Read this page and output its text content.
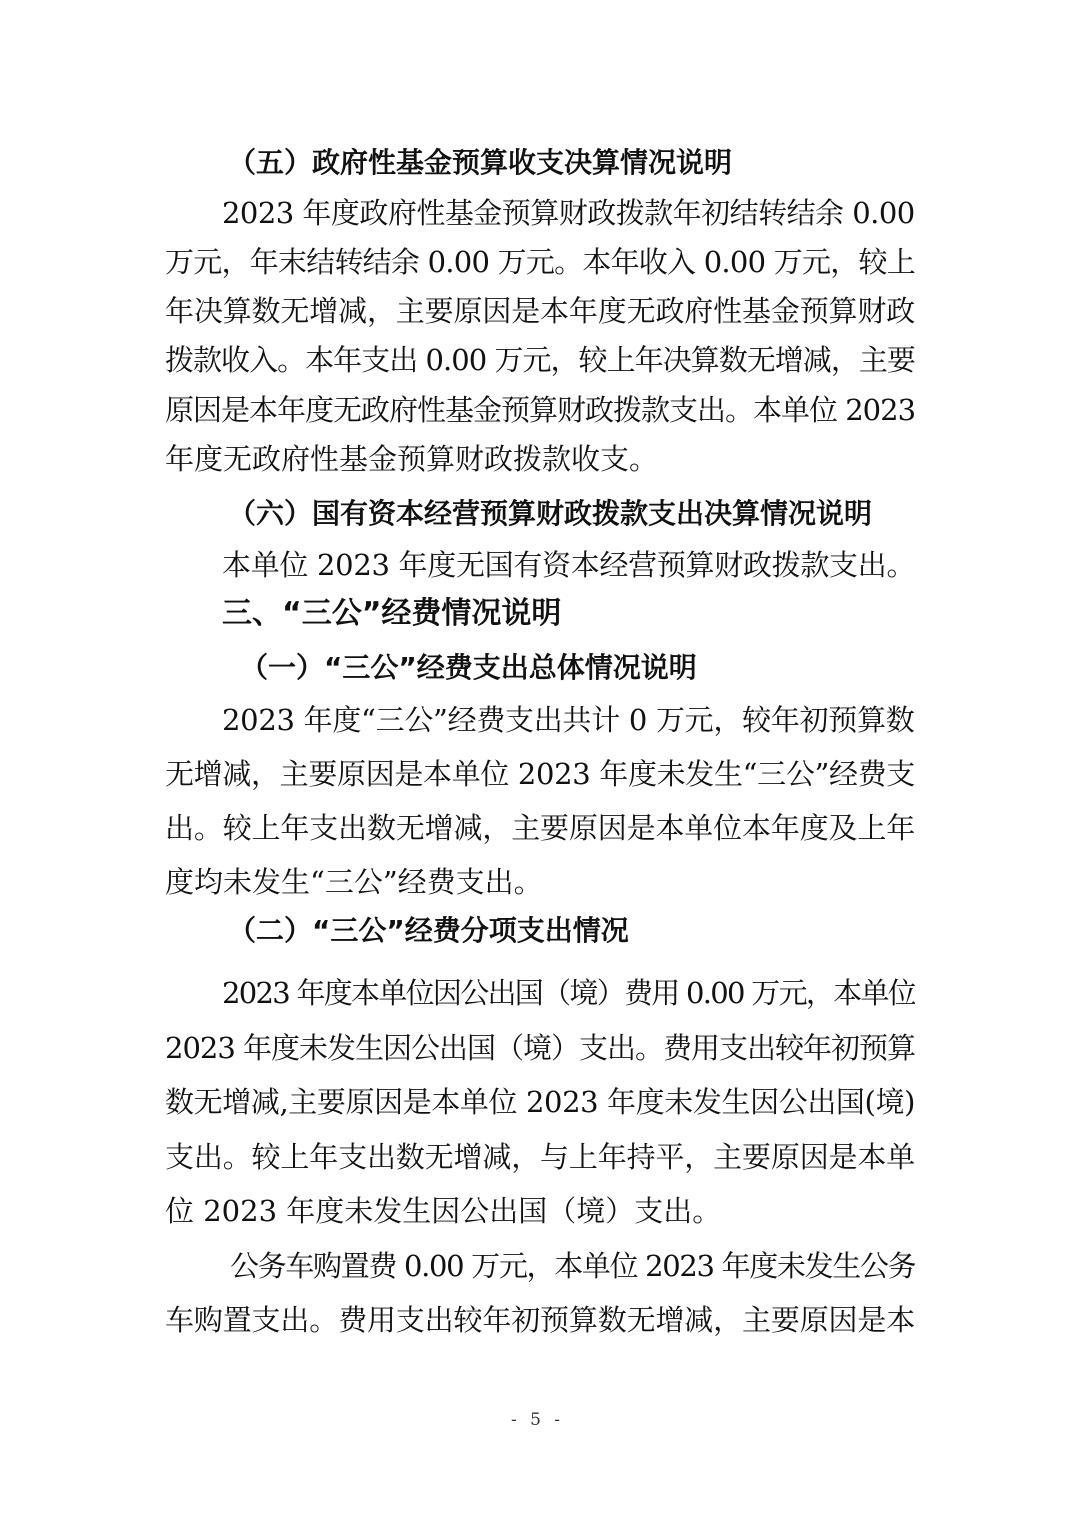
（五）政府性基金预算收支决算情况说明
2023 年度政府性基金预算财政拨款年初结转结余 0.00
万元，年末结转结余 0.00 万元。本年收入 0.00 万元，较上
年决算数无增减，主要原因是本年度无政府性基金预算财政
拨款收入。本年支出 0.00 万元，较上年决算数无增减，主要
原因是本年度无政府性基金预算财政拨款支出。本单位 2023
年度无政府性基金预算财政拨款收支。
（六）国有资本经营预算财政拨款支出决算情况说明
本单位 2023 年度无国有资本经营预算财政拨款支出。
三、“三公”经费情况说明
（一）“三公”经费支出总体情况说明
2023 年度“三公”经费支出共计 0 万元，较年初预算数
无增减，主要原因是本单位 2023 年度未发生“三公”经费支
出。较上年支出数无增减，主要原因是本单位本年度及上年
度均未发生“三公”经费支出。
（二）“三公”经费分项支出情况
2023 年度本单位因公出国（境）费用 0.00 万元，本单位
2023 年度未发生因公出国（境）支出。费用支出较年初预算
数无增减,主要原因是本单位 2023 年度未发生因公出国(境)
支出。较上年支出数无增减，与上年持平，主要原因是本单
位 2023 年度未发生因公出国（境）支出。
公务车购置费 0.00 万元，本单位 2023 年度未发生公务
车购置支出。费用支出较年初预算数无增减，主要原因是本
- 5 -
